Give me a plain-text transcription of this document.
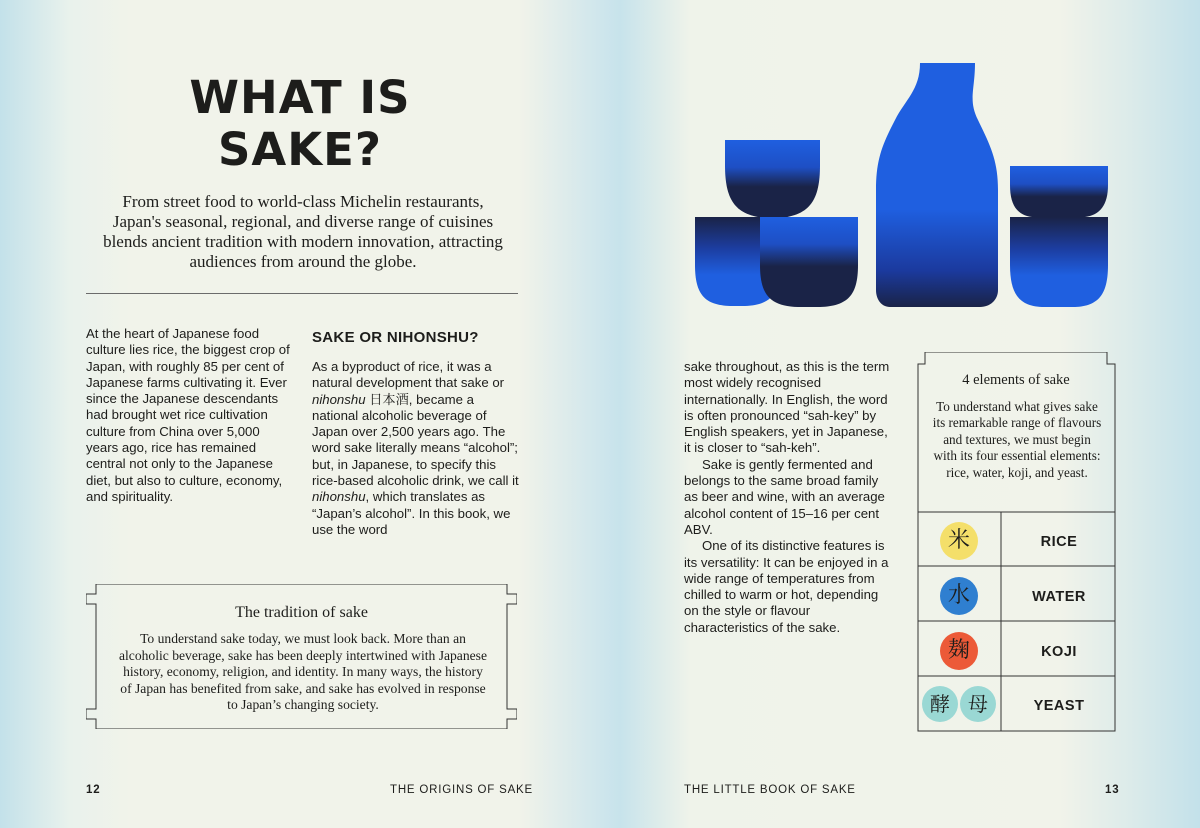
WHAT IS
SAKE?
From street food to world-class Michelin restaurants, Japan's seasonal, regional, and diverse range of cuisines blends ancient tradition with modern innovation, attracting audiences from around the globe.
At the heart of Japanese food culture lies rice, the biggest crop of Japan, with roughly 85 per cent of Japanese farms cultivating it. Ever since the Japanese descendants had brought wet rice cultivation culture from China over 5,000 years ago, rice has remained central not only to the Japanese diet, but also to culture, economy, and spirituality.
SAKE OR NIHONSHU?
As a byproduct of rice, it was a natural development that sake or nihonshu 日本酒, became a national alcoholic beverage of Japan over 2,500 years ago. The word sake literally means “alcohol”; but, in Japanese, to specify this rice-based alcoholic drink, we call it nihonshu, which translates as “Japan’s alcohol”. In this book, we use the word
The tradition of sake
To understand sake today, we must look back. More than an alcoholic beverage, sake has been deeply intertwined with Japanese history, economy, religion, and identity. In many ways, the history of Japan has benefited from sake, and sake has evolved in response to Japan’s changing society.

sake throughout, as this is the term most widely recognised internationally. In English, the word is often pronounced “sah-key” by English speakers, yet in Japanese, it is closer to “sah-keh”.

Sake is gently fermented and belongs to the same broad family as beer and wine, with an average alcohol content of 15–16 per cent ABV.

One of its distinctive features is its versatility: It can be enjoyed in a wide range of temperatures from chilled to warm or hot, depending on the style or flavour characteristics of the sake.

4 elements of sake
To understand what gives sake its remarkable range of flavours and textures, we must begin with its four essential elements: rice, water, koji, and yeast.
米	RICE
水	WATER
麹	KOJI
酵 母	YEAST
12	THE ORIGINS OF SAKE	THE LITTLE BOOK OF SAKE	13
